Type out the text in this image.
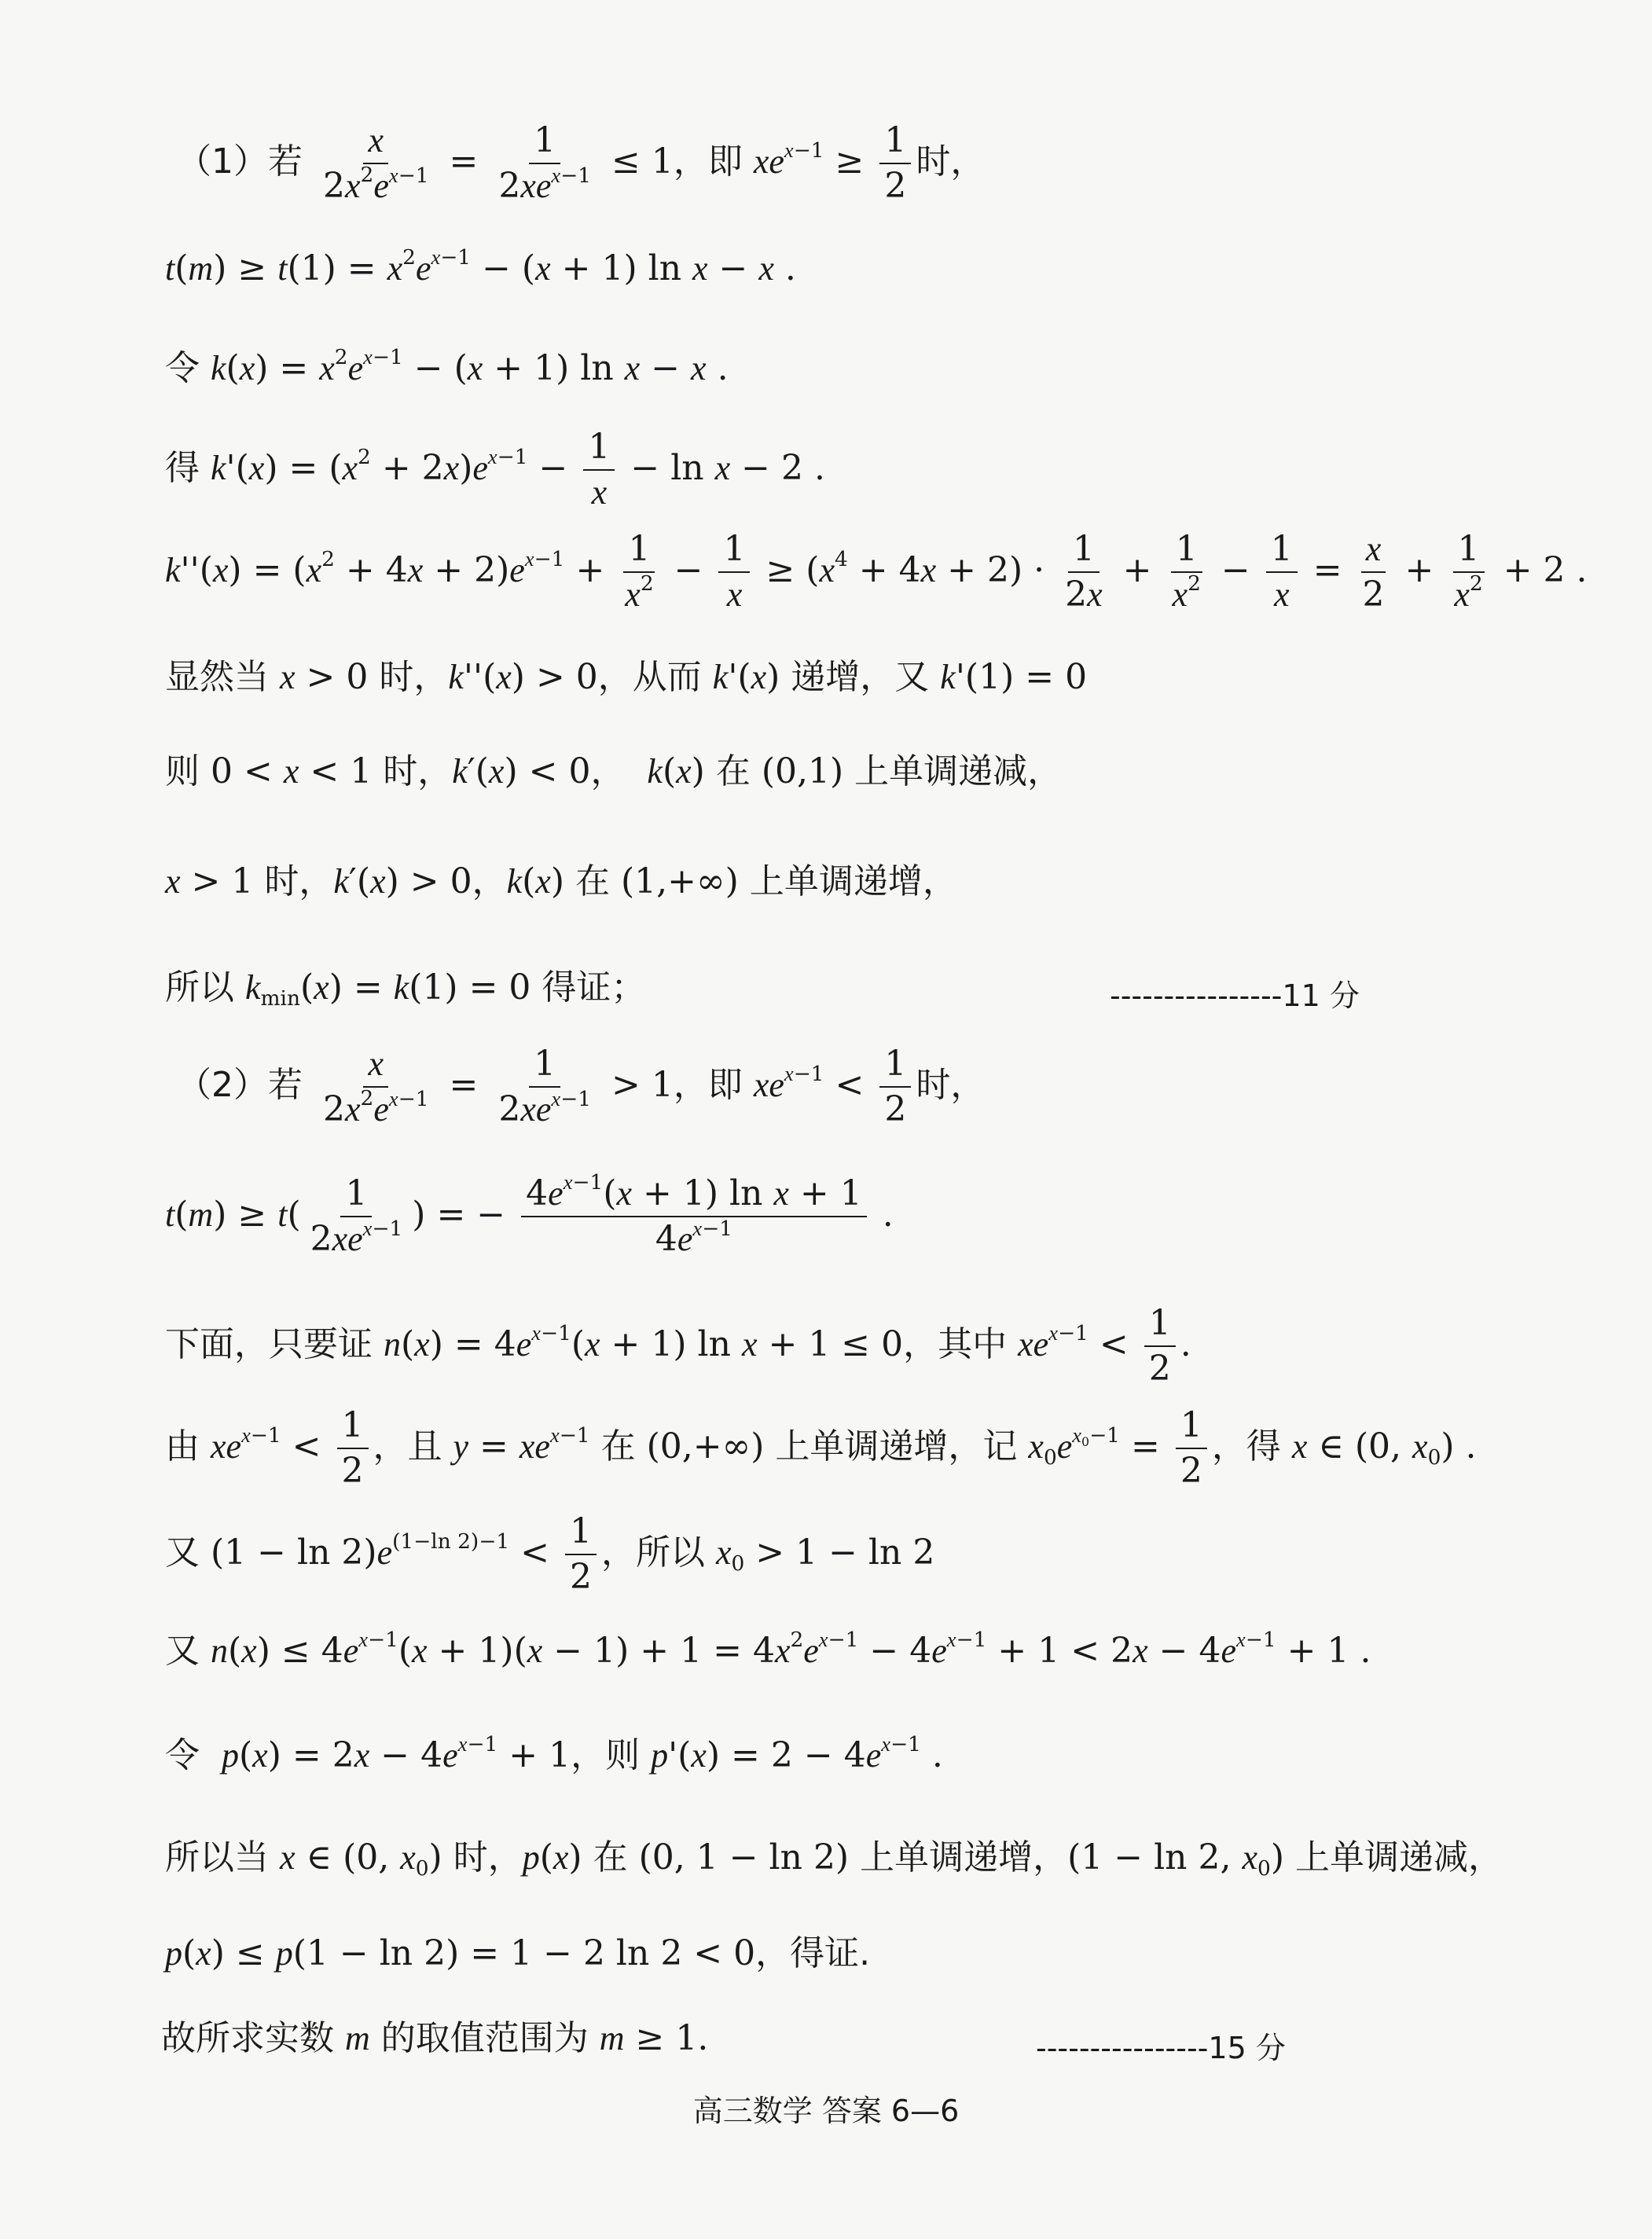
（1）若 $\frac{x}{2x^2e^{x-1}}$ =
1
$2xe^{x-1} \le 1$，即 $xe^{x-1} \ge \frac{1}{2}$ 时，
$t(m) \ge t(1) = x^2e^{x-1} - (x + 1)$ ln x − x .
令 $k(x) = x^2e^{x-1} - (x + 1)$ ln x − x .
得 $k'(x) = (x^2 + 2x)e^{x-1} - \frac{1}{x} - \ln x - 2$ .
$k''(x) = (x^2 + 4x + 2)e^{x-1} + \frac{1}{x^2} - \frac{1}{x} \ge (x^4 + 4x + 2) \cdot \frac{1}{2x} + \frac{1}{x^2} - \frac{1}{x} = \frac{x}{2} + \frac{1}{x^2} + 2$ .
显然当 x > 0 时，k''(x) > 0，从而 k'(x) 递增，又 k'(1) = 0
则 0 < x < 1 时，k′(x) < 0， k(x) 在 (0,1) 上单调递减，
x > 1 时，k′(x) > 0，k(x) 在 (1,+∞) 上单调递增，
所以 $k_{min}(x) = k(1) = 0$ 得证；	----------------11 分
（2）若 $\frac{x}{2x^2e^{x-1}}$ =
1
$2xe^{x-1} > 1$，即 $xe^{x-1} < \frac{1}{2}$ 时，
t(m) ≥ t(
1
$2xe^{x-1}$ ) = − $\frac{4e^{x-1}(x + 1) \ln x + 1}{4e^{x-1}}$ .
下面，只要证 $n(x) = 4e^{x-1}(x + 1)$ ln x + 1 ≤ 0，其中 $xe^{x-1} < \frac{1}{2}$ .
由 $xe^{x-1} < \frac{1}{2}$ ，且 $y = xe^{x-1}$ 在 (0,+∞) 上单调递增，记 $x_0e^{x_0-1} = \frac{1}{2}$ ，得 x ∈ (0, $x_0$) .
又 $(1 - \ln 2)e^{(1-ln 2)-1} < \frac{1}{2}$ ，所以 $x_0 > 1 - \ln 2$
又 $n(x) \le 4e^{x-1}(x + 1)(x - 1) + 1 = 4x^2e^{x-1} - 4e^{x-1} + 1 < 2x - 4e^{x-1} + 1$ .
令  $p(x) = 2x - 4e^{x-1} + 1$，则 $p'(x) = 2 - 4e^{x-1}$ .
所以当 x ∈ (0, $x_0$) 时，p(x) 在 (0, 1 − ln 2) 上单调递增，(1 − ln 2, $x_0$) 上单调递减，
p(x) ≤ p(1 − ln 2) = 1 − 2 ln 2 < 0，得证.
故所求实数 m 的取值范围为 m ≥ 1.	----------------15 分
高三数学 答案 6—6
